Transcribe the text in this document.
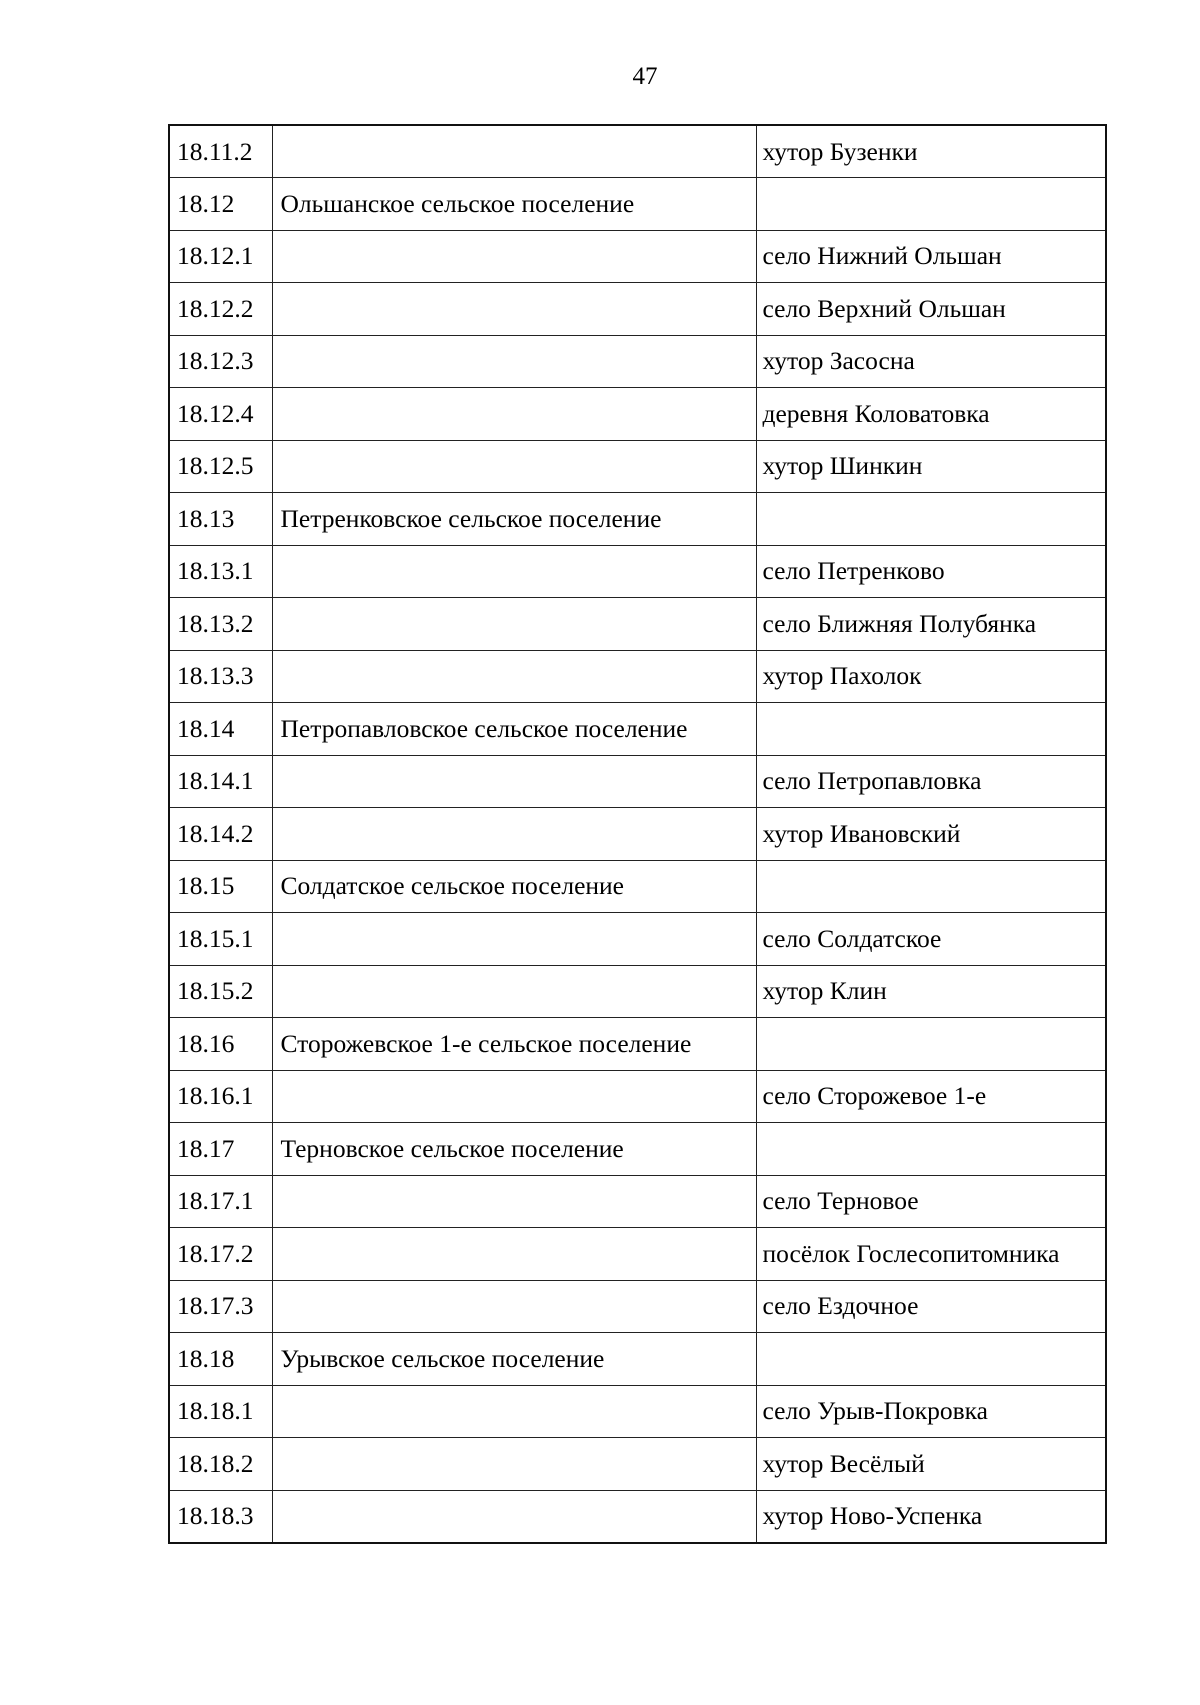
47
18.11.2		хутор Бузенки
18.12	Ольшанское сельское поселение	
18.12.1		село Нижний Ольшан
18.12.2		село Верхний Ольшан
18.12.3		хутор Засосна
18.12.4		деревня Коловатовка
18.12.5		хутор Шинкин
18.13	Петренковское сельское поселение	
18.13.1		село Петренково
18.13.2		село Ближняя Полубянка
18.13.3		хутор Пахолок
18.14	Петропавловское сельское поселение	
18.14.1		село Петропавловка
18.14.2		хутор Ивановский
18.15	Солдатское сельское поселение	
18.15.1		село Солдатское
18.15.2		хутор Клин
18.16	Сторожевское 1-е сельское поселение	
18.16.1		село Сторожевое 1-е
18.17	Терновское сельское поселение	
18.17.1		село Терновое
18.17.2		посёлок Гослесопитомника
18.17.3		село Ездочное
18.18	Урывское сельское поселение	
18.18.1		село Урыв-Покровка
18.18.2		хутор Весёлый
18.18.3		хутор Ново-Успенка
